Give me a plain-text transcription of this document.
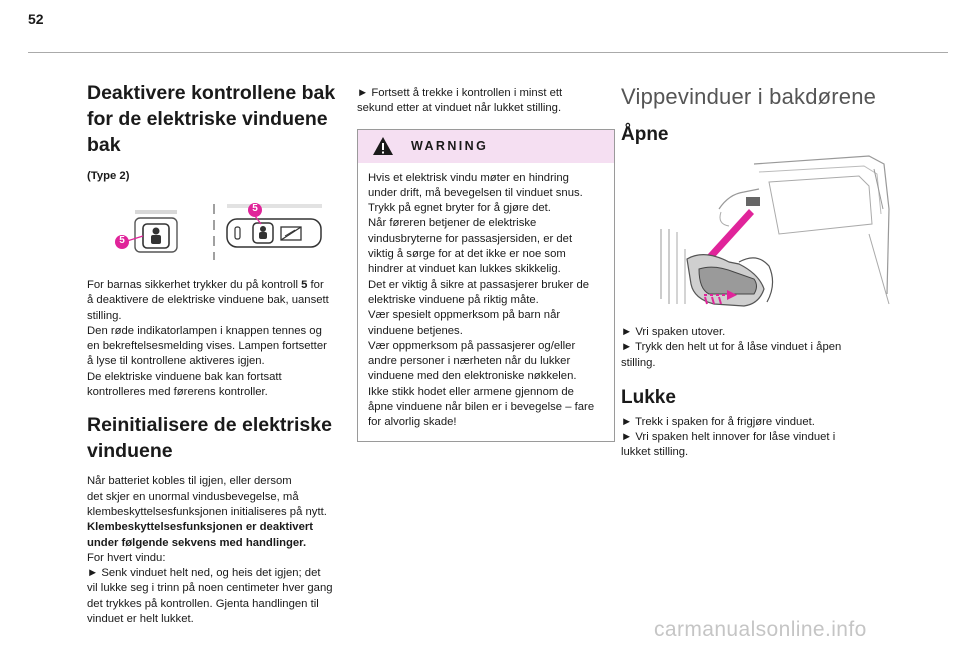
52
Deaktivere kontrollene bak
for de elektriske vinduene
bak
(Type 2)
5
5
For barnas sikkerhet trykker du på kontroll 5 for
å deaktivere de elektriske vinduene bak, uansett
stilling.
Den røde indikatorlampen i knappen tennes og
en bekreftelsesmelding vises. Lampen fortsetter
å lyse til kontrollene aktiveres igjen.
De elektriske vinduene bak kan fortsatt
kontrolleres med førerens kontroller.
Reinitialisere de elektriske
vinduene
Når batteriet kobles til igjen, eller dersom
det skjer en unormal vindusbevegelse, må
klembeskyttelsesfunksjonen initialiseres på nytt.
Klembeskyttelsesfunksjonen er deaktivert
under følgende sekvens med handlinger.
For hvert vindu:
► Senk vinduet helt ned, og heis det igjen; det
vil lukke seg i trinn på noen centimeter hver gang
det trykkes på kontrollen. Gjenta handlingen til
vinduet er helt lukket.
► Fortsett å trekke i kontrollen i minst ett
sekund etter at vinduet når lukket stilling.
WARNING
Hvis et elektrisk vindu møter en hindring
under drift, må bevegelsen til vinduet snus.
Trykk på egnet bryter for å gjøre det.
Når føreren betjener de elektriske
vindusbryterne for passasjersiden, er det
viktig å sørge for at det ikke er noe som
hindrer at vinduet kan lukkes skikkelig.
Det er viktig å sikre at passasjerer bruker de
elektriske vinduene på riktig måte.
Vær spesielt oppmerksom på barn når
vinduene betjenes.
Vær oppmerksom på passasjerer og/eller
andre personer i nærheten når du lukker
vinduene med den elektroniske nøkkelen.
Ikke stikk hodet eller armene gjennom de
åpne vinduene når bilen er i bevegelse – fare
for alvorlig skade!
Vippevinduer i bakdørene
Åpne
► Vri spaken utover.
► Trykk den helt ut for å låse vinduet i åpen
stilling.
Lukke
► Trekk i spaken for å frigjøre vinduet.
► Vri spaken helt innover for låse vinduet i
lukket stilling.
carmanualsonline.info
